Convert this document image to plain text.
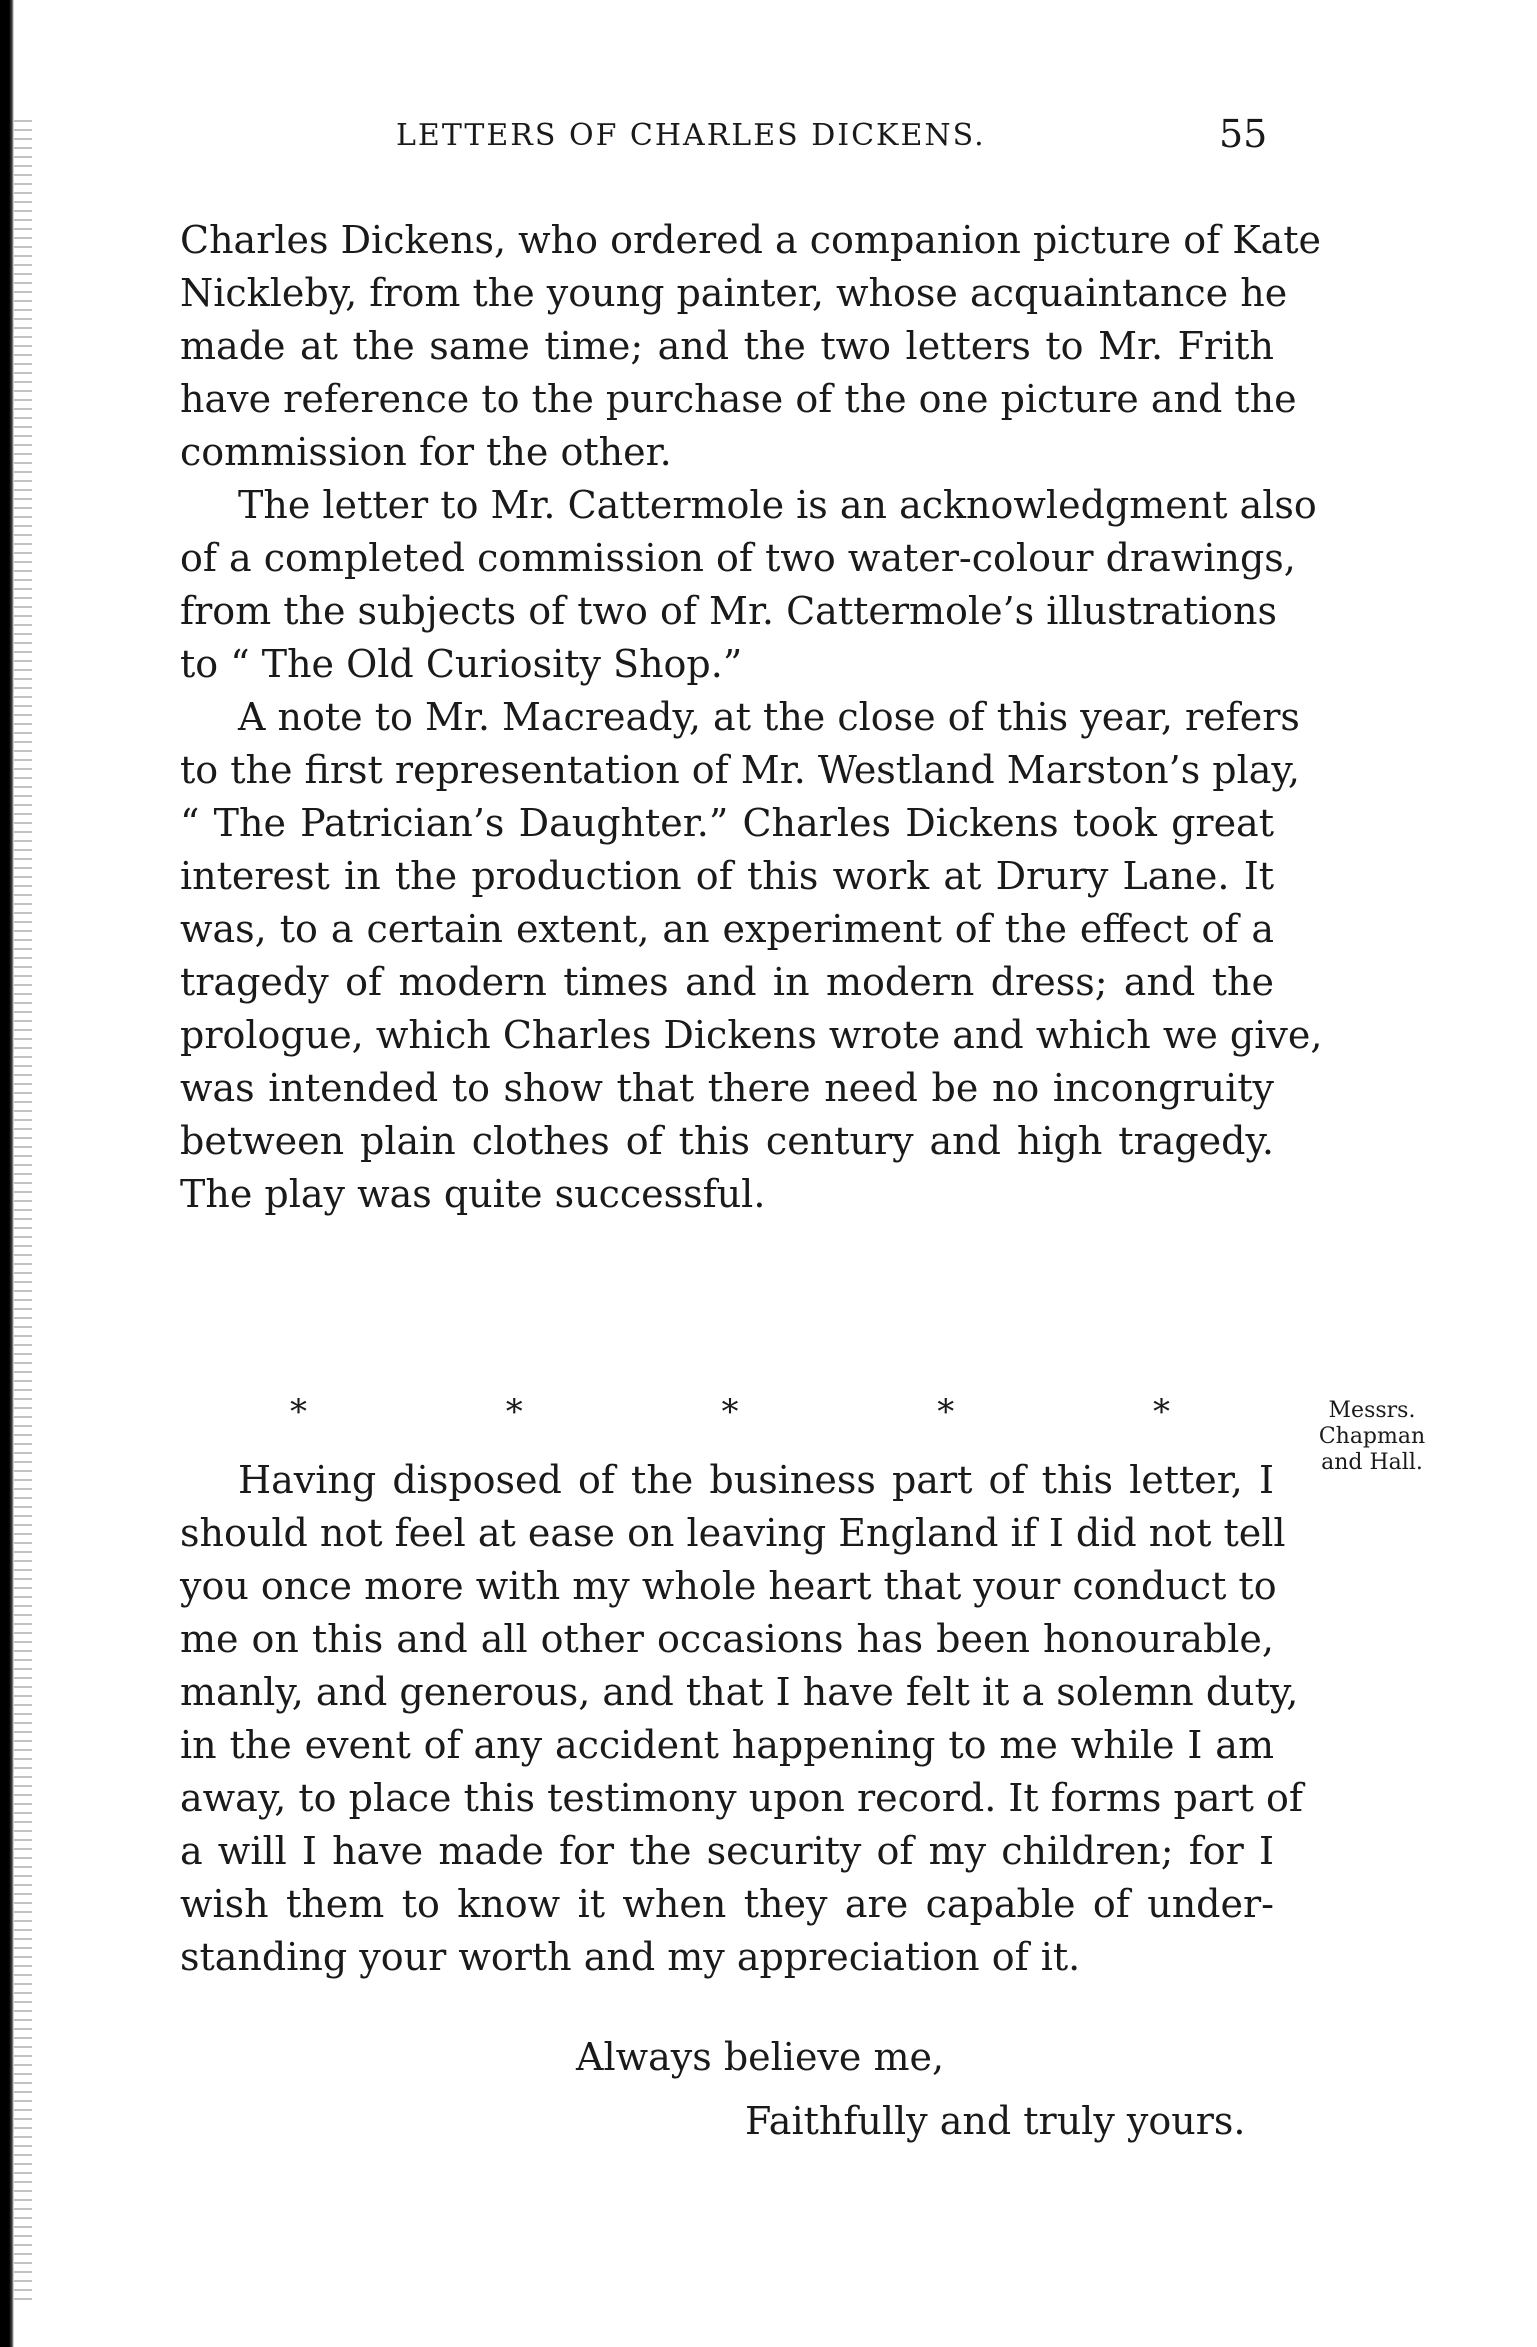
LETTERS OF CHARLES DICKENS.	55
Charles Dickens, who ordered a companion picture of Kate
Nickleby, from the young painter, whose acquaintance he
made at the same time; and the two letters to Mr. Frith
have reference to the purchase of the one picture and the
commission for the other.
The letter to Mr. Cattermole is an acknowledgment also
of a completed commission of two water-colour drawings,
from the subjects of two of Mr. Cattermole’s illustrations
to “ The Old Curiosity Shop.”
A note to Mr. Macready, at the close of this year, refers
to the first representation of Mr. Westland Marston’s play,
“ The Patrician’s Daughter.” Charles Dickens took great
interest in the production of this work at Drury Lane. It
was, to a certain extent, an experiment of the effect of a
tragedy of modern times and in modern dress; and the
prologue, which Charles Dickens wrote and which we give,
was intended to show that there need be no incongruity
between plain clothes of this century and high tragedy.
The play was quite successful.
*	*	*	*	*	Messrs.
Chapman
and Hall.
Having disposed of the business part of this letter, I
should not feel at ease on leaving England if I did not tell
you once more with my whole heart that your conduct to
me on this and all other occasions has been honourable,
manly, and generous, and that I have felt it a solemn duty,
in the event of any accident happening to me while I am
away, to place this testimony upon record. It forms part of
a will I have made for the security of my children; for I
wish them to know it when they are capable of under-
standing your worth and my appreciation of it.
Always believe me,
Faithfully and truly yours.
